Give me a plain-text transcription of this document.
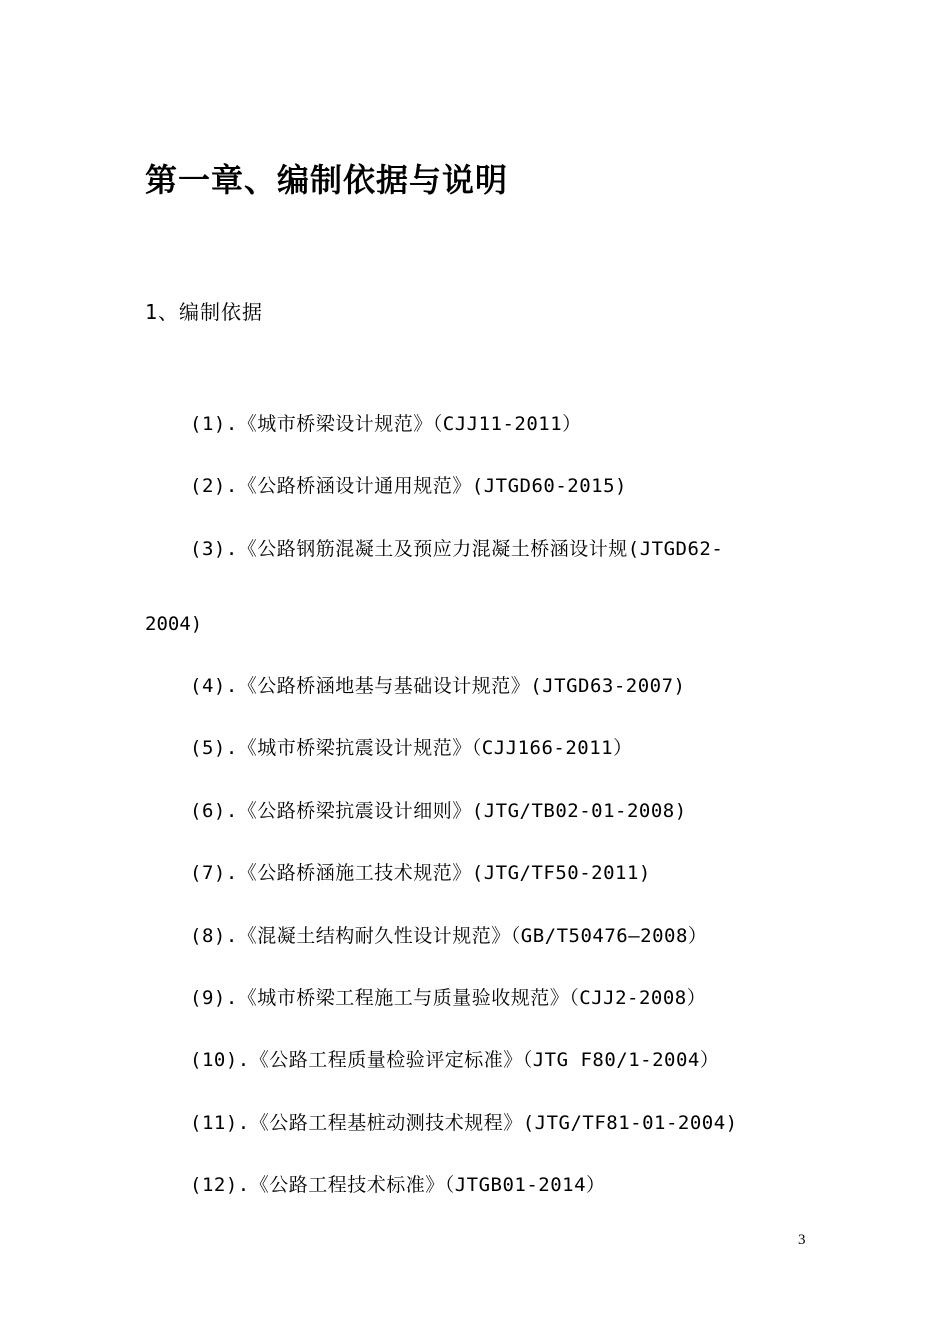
第一章、编制依据与说明
1、编制依据
(1).《城市桥梁设计规范》（CJJ11-2011）
(2).《公路桥涵设计通用规范》(JTGD60-2015)
(3).《公路钢筋混凝土及预应力混凝土桥涵设计规(JTGD62-
2004)
(4).《公路桥涵地基与基础设计规范》(JTGD63-2007)
(5).《城市桥梁抗震设计规范》（CJJ166-2011）
(6).《公路桥梁抗震设计细则》(JTG/TB02-01-2008)
(7).《公路桥涵施工技术规范》(JTG/TF50-2011)
(8).《混凝土结构耐久性设计规范》（GB/T50476—2008）
(9).《城市桥梁工程施工与质量验收规范》（CJJ2-2008）
(10).《公路工程质量检验评定标准》（JTG F80/1-2004）
(11).《公路工程基桩动测技术规程》(JTG/TF81-01-2004)
(12).《公路工程技术标准》（JTGB01-2014）
3
